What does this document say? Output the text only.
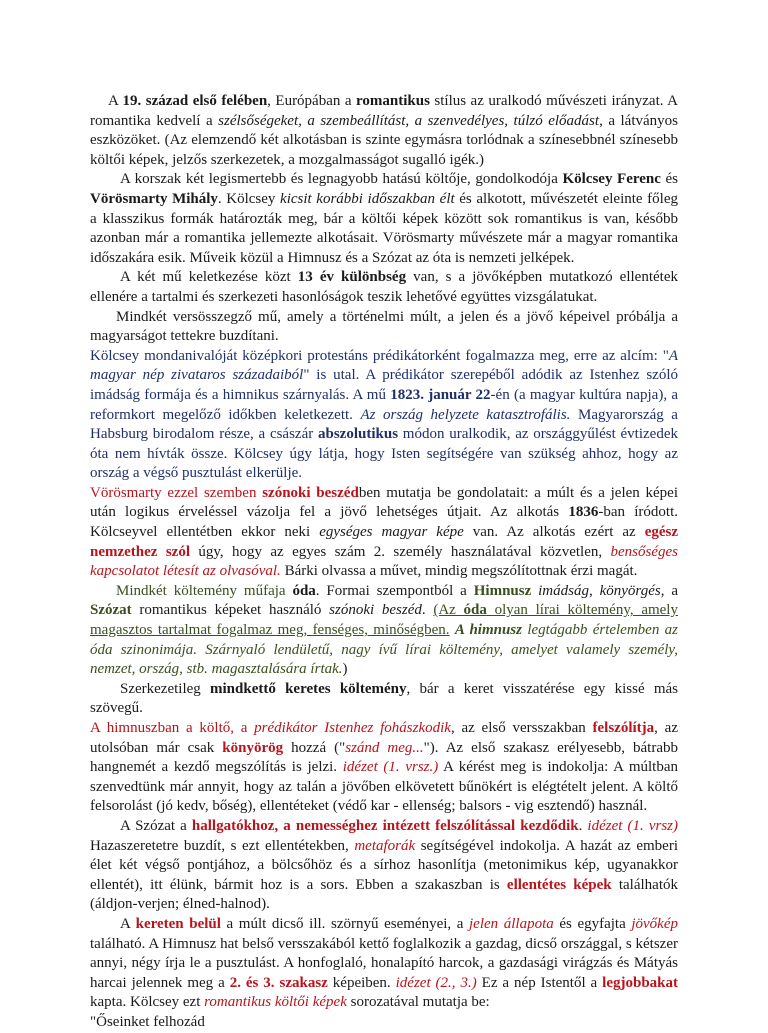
A 19. század első felében, Európában a romantikus stílus az uralkodó művészeti irányzat. A romantika kedvelí a szélsőségeket, a szembeállítást, a szenvedélyes, túlzó előadást, a látványos eszközöket. (Az elemzendő két alkotásban is szinte egymásra torlódnak a színesebbnél színesebb költői képek, jelzős szerkezetek, a mozgalmasságot sugalló igék.)

A korszak két legismertebb és legnagyobb hatású költője, gondolkodója Kölcsey Ferenc és Vörösmarty Mihály. Kölcsey kicsit korábbi időszakban élt és alkotott, művészetét eleinte főleg a klasszikus formák határozták meg, bár a költői képek között sok romantikus is van, később azonban már a romantika jellemezte alkotásait. Vörösmarty művészete már a magyar romantika időszakára esik. Műveik közül a Himnusz és a Szózat az óta is nemzeti jelképek.

A két mű keletkezése közt 13 év különbség van, s a jövőképben mutatkozó ellentétek ellenére a tartalmi és szerkezeti hasonlóságok teszik lehetővé együttes vizsgálatukat.

Mindkét versösszegző mű, amely a történelmi múlt, a jelen és a jövő képeivel próbálja a magyarságot tettekre buzdítani.

Kölcsey mondanivalóját középkori protestáns prédikátorként fogalmazza meg, erre az alcím: "A magyar nép zivataros századaiból" is utal. A prédikátor szerepéből adódik az Istenhez szóló imádság formája és a himnikus szárnyalás. A mű 1823. január 22-én (a magyar kultúra napja), a reformkort megelőző időkben keletkezett. Az ország helyzete katasztrofális. Magyarország a Habsburg birodalom része, a császár abszolutikus módon uralkodik, az országgyűlést évtizedek óta nem hívták össze. Kölcsey úgy látja, hogy Isten segítségére van szükség ahhoz, hogy az ország a végső pusztulást elkerülje.

Vörösmarty ezzel szemben szónoki beszédben mutatja be gondolatait: a múlt és a jelen képei után logikus érveléssel vázolja fel a jövő lehetséges útjait. Az alkotás 1836-ban íródott. Kölcseyvel ellentétben ekkor neki egységes magyar képe van. Az alkotás ezért az egész nemzethez szól úgy, hogy az egyes szám 2. személy használatával közvetlen, bensőséges kapcsolatot létesít az olvasóval. Bárki olvassa a művet, mindig megszólítottnak érzi magát.

Mindkét költemény műfaja óda. Formai szempontból a Himnusz imádság, könyörgés, a Szózat romantikus képeket használó szónoki beszéd. (Az óda olyan lírai költemény, amely magasztos tartalmat fogalmaz meg, fenséges, minőségben. A himnusz legtágabb értelemben az óda szinonimája. Szárnyaló lendületű, nagy ívű lírai költemény, amelyet valamely személy, nemzet, ország, stb. magasztalására írtak.)

Szerkezetileg mindkettő keretes költemény, bár a keret visszatérése egy kissé más szövegű.

A himnuszban a költő, a prédikátor Istenhez fohászkodik, az első versszakban felszólítja, az utolsóban már csak könyörög hozzá ("szánd meg..."). Az első szakasz erélyesebb, bátrabb hangnemét a kezdő megszólítás is jelzi. idézet (1. vrsz.) A kérést meg is indokolja: A múltban szenvedtünk már annyit, hogy az talán a jövőben elkövetett bűnökért is elégtételt jelent. A költő felsorolást (jó kedv, bőség), ellentéteket (védő kar - ellenség; balsors - vig esztendő) használ.

A Szózat a hallgatókhoz, a nemességhez intézett felszólítással kezdődik. idézet (1. vrsz) Hazaszeretetre buzdít, s ezt ellentétekben, metaforák segítségével indokolja. A hazát az emberi élet két végső pontjához, a bölcsőhöz és a sírhoz hasonlítja (metonimikus kép, ugyanakkor ellentét), itt élünk, bármit hoz is a sors. Ebben a szakaszban is ellentétes képek találhatók (áldjon-verjen; élned-halnod).

A kereten belül a múlt dicső ill. szörnyű eseményei, a jelen állapota és egyfajta jövőkép található. A Himnusz hat belső versszakából kettő foglalkozik a gazdag, dicső országgal, s kétszer annyi, négy írja le a pusztulást. A honfoglaló, honalapító harcok, a gazdasági virágzás és Mátyás harcai jelennek meg a 2. és 3. szakasz képeiben. idézet (2., 3.) Ez a nép Istentől a legjobbakat kapta. Kölcsey ezt romantikus költői képek sorozatával mutatja be:

"Őseinket felhozád
